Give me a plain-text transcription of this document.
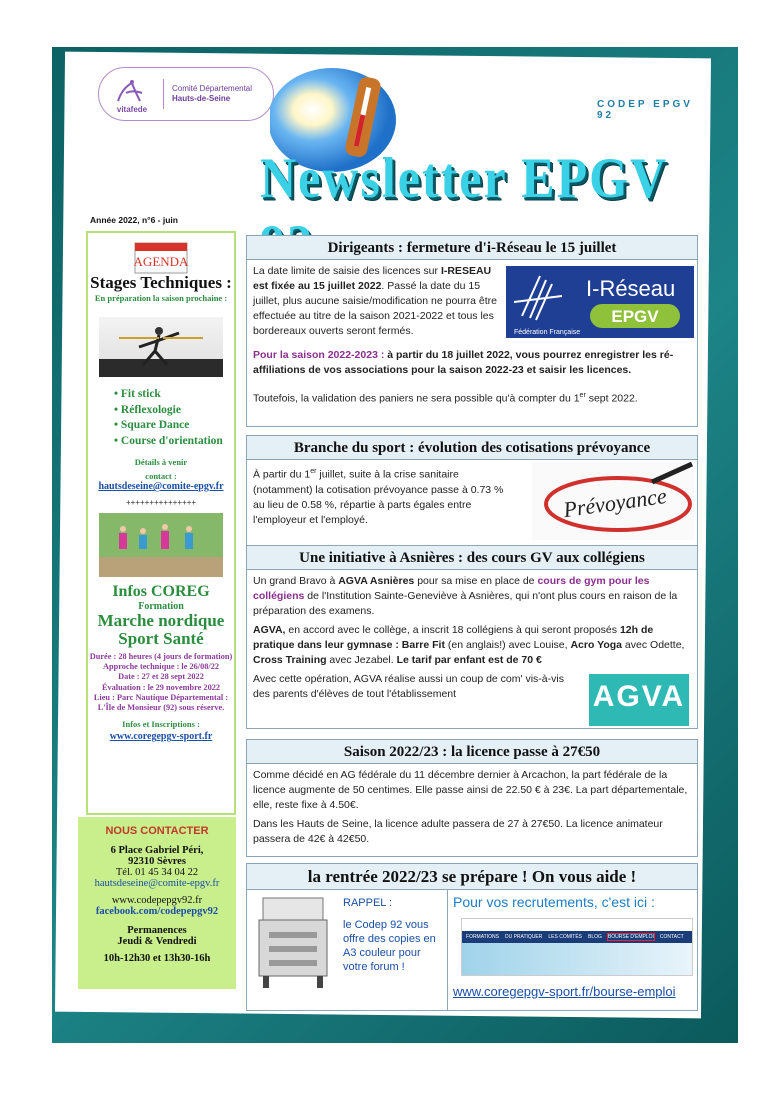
vitafede
Comité Départemental
Hauts-de-Seine
CODEP EPGV 92
Newsletter EPGV
Année 2022, n°6 - juin
AGENDA
Stages Techniques :
En préparation la saison prochaine :
• Fit stick
• Réflexologie
• Square Dance
• Course d'orientation
Détails à venir
contact :
hautsdeseine@comite-epgv.fr
+++++++++++++++
Infos COREG
Formation
Marche nordique
Sport Santé
Durée : 28 heures (4 jours de formation)
Approche technique : le 26/08/22
Date : 27 et 28 sept 2022
Évaluation : le 29 novembre 2022
Lieu : Parc Nautique Départemental :
L'Île de Monsieur (92) sous réserve.
Infos et Inscriptions :
www.coregepgv-sport.fr
NOUS CONTACTER
6 Place Gabriel Péri,
92310 Sèvres
Tél. 01 45 34 04 22
hautsdeseine@comite-epgv.fr
www.codepepgv92.fr
facebook.com/codepepgv92
Permanences
Jeudi & Vendredi
10h-12h30 et 13h30-16h
Dirigeants : fermeture d'i-Réseau le 15 juillet
La date limite de saisie des licences sur I-RESEAU est fixée au 15 juillet 2022. Passé la date du 15 juillet, plus aucune saisie/modification ne pourra être effectuée au titre de la saison 2021-2022 et tous les bordereaux ouverts seront fermés.
Pour la saison 2022-2023 : à partir du 18 juillet 2022, vous pourrez enregistrer les ré-affiliations de vos associations pour la saison 2022-23 et saisir les licences.
Toutefois, la validation des paniers ne sera possible qu'à compter du 1er sept 2022.
I-Réseau
EPGV
Fédération Française
Branche du sport : évolution des cotisations prévoyance
À partir du 1er juillet, suite à la crise sanitaire (notamment) la cotisation prévoyance passe à 0.73 % au lieu de 0.58 %, répartie à parts égales entre l'employeur et l'employé.	Prévoyance
Une initiative à Asnières : des cours GV aux collégiens
Un grand Bravo à AGVA Asnières pour sa mise en place de cours de gym pour les collégiens de l'Institution Sainte-Geneviève à Asnières, qui n'ont plus cours en raison de la préparation des examens.
AGVA, en accord avec le collège, a inscrit 18 collégiens à qui seront proposés 12h de pratique dans leur gymnase : Barre Fit (en anglais!) avec Louise, Acro Yoga avec Odette, Cross Training avec Jezabel. Le tarif par enfant est de 70 €
Avec cette opération, AGVA réalise aussi un coup de com' vis-à-vis des parents d'élèves de tout l'établissement	AGVA
Saison 2022/23 : la licence passe à 27€50
Comme décidé en AG fédérale du 11 décembre dernier à Arcachon, la part fédérale de la licence augmente de 50 centimes. Elle passe ainsi de 22.50 € à 23€. La part départementale, elle, reste fixe à 4.50€.
Dans les Hauts de Seine, la licence adulte passera de 27 à 27€50. La licence animateur passera de 42€ à 42€50.
la rentrée 2022/23 se prépare ! On vous aide !
RAPPEL :
le Codep 92 vous offre des copies en A3 couleur pour votre forum !
Pour vos recrutements, c'est ici :
FORMATIONS DU PRATIQUER LES COMITÉS BLOG BOURSE D'EMPLOI CONTACT
www.coregepgv-sport.fr/bourse-emploi
